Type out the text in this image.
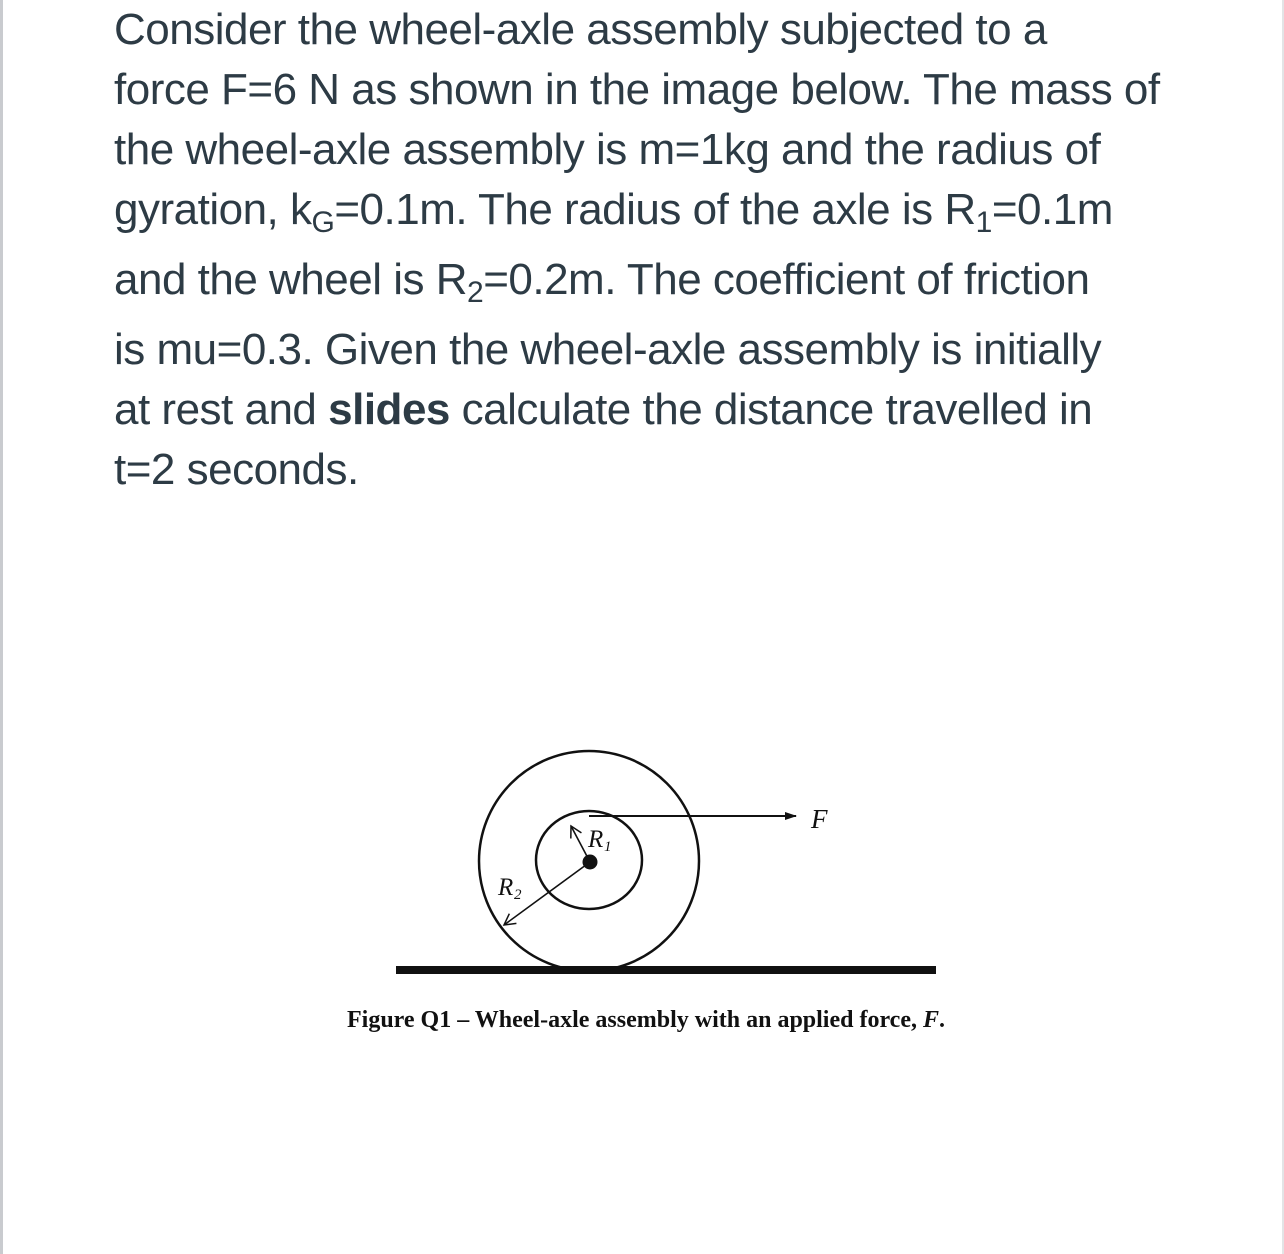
Consider the wheel-axle assembly subjected to a
force F=6 N as shown in the image below. The mass of
the wheel-axle assembly is m=1kg and the radius of
gyration, $k_G=0.1m$. The radius of the axle is $R_1=0.1m$
and the wheel is $R_2=0.2m$. The coefficient of friction
is mu=0.3. Given the wheel-axle assembly is initially
at rest and slides calculate the distance travelled in
t=2 seconds.
F
R 1
R 2
Figure Q1 – Wheel-axle assembly with an applied force, F.
